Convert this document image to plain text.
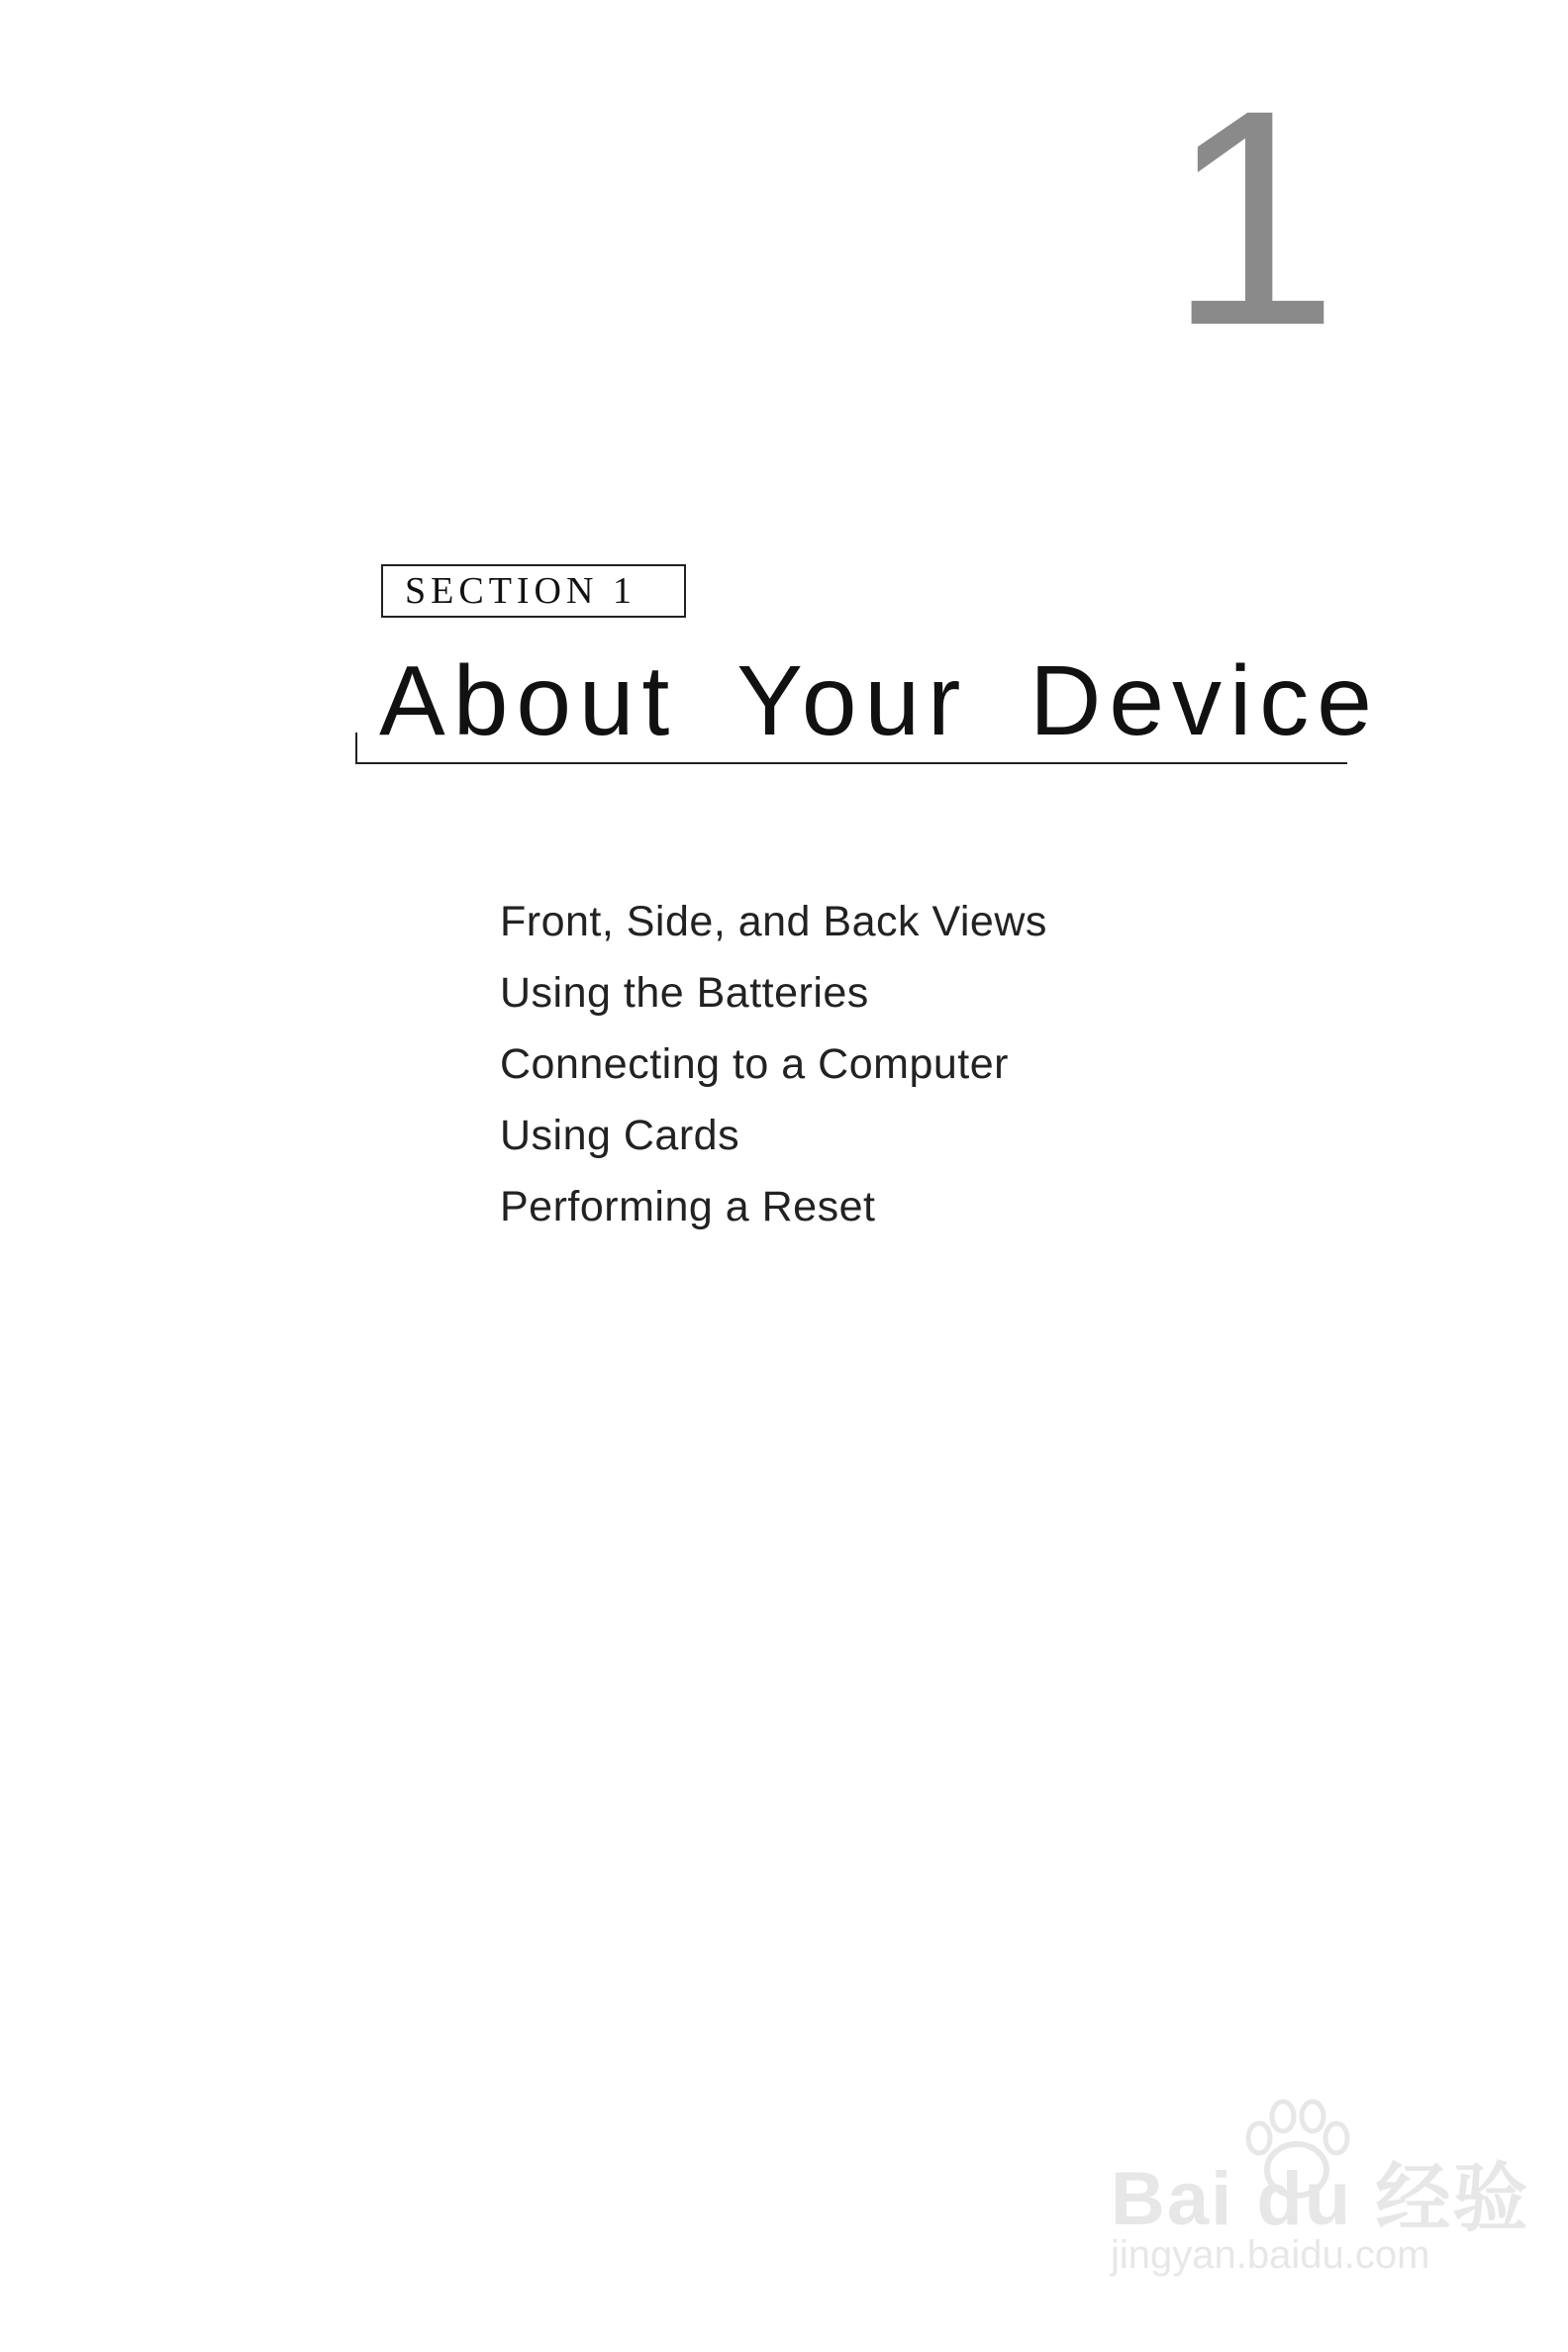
1
SECTION 1
About Your Device
Front, Side, and Back Views
Using the Batteries
Connecting to a Computer
Using Cards
Performing a Reset
Bai du 经验
jingyan.baidu.com
